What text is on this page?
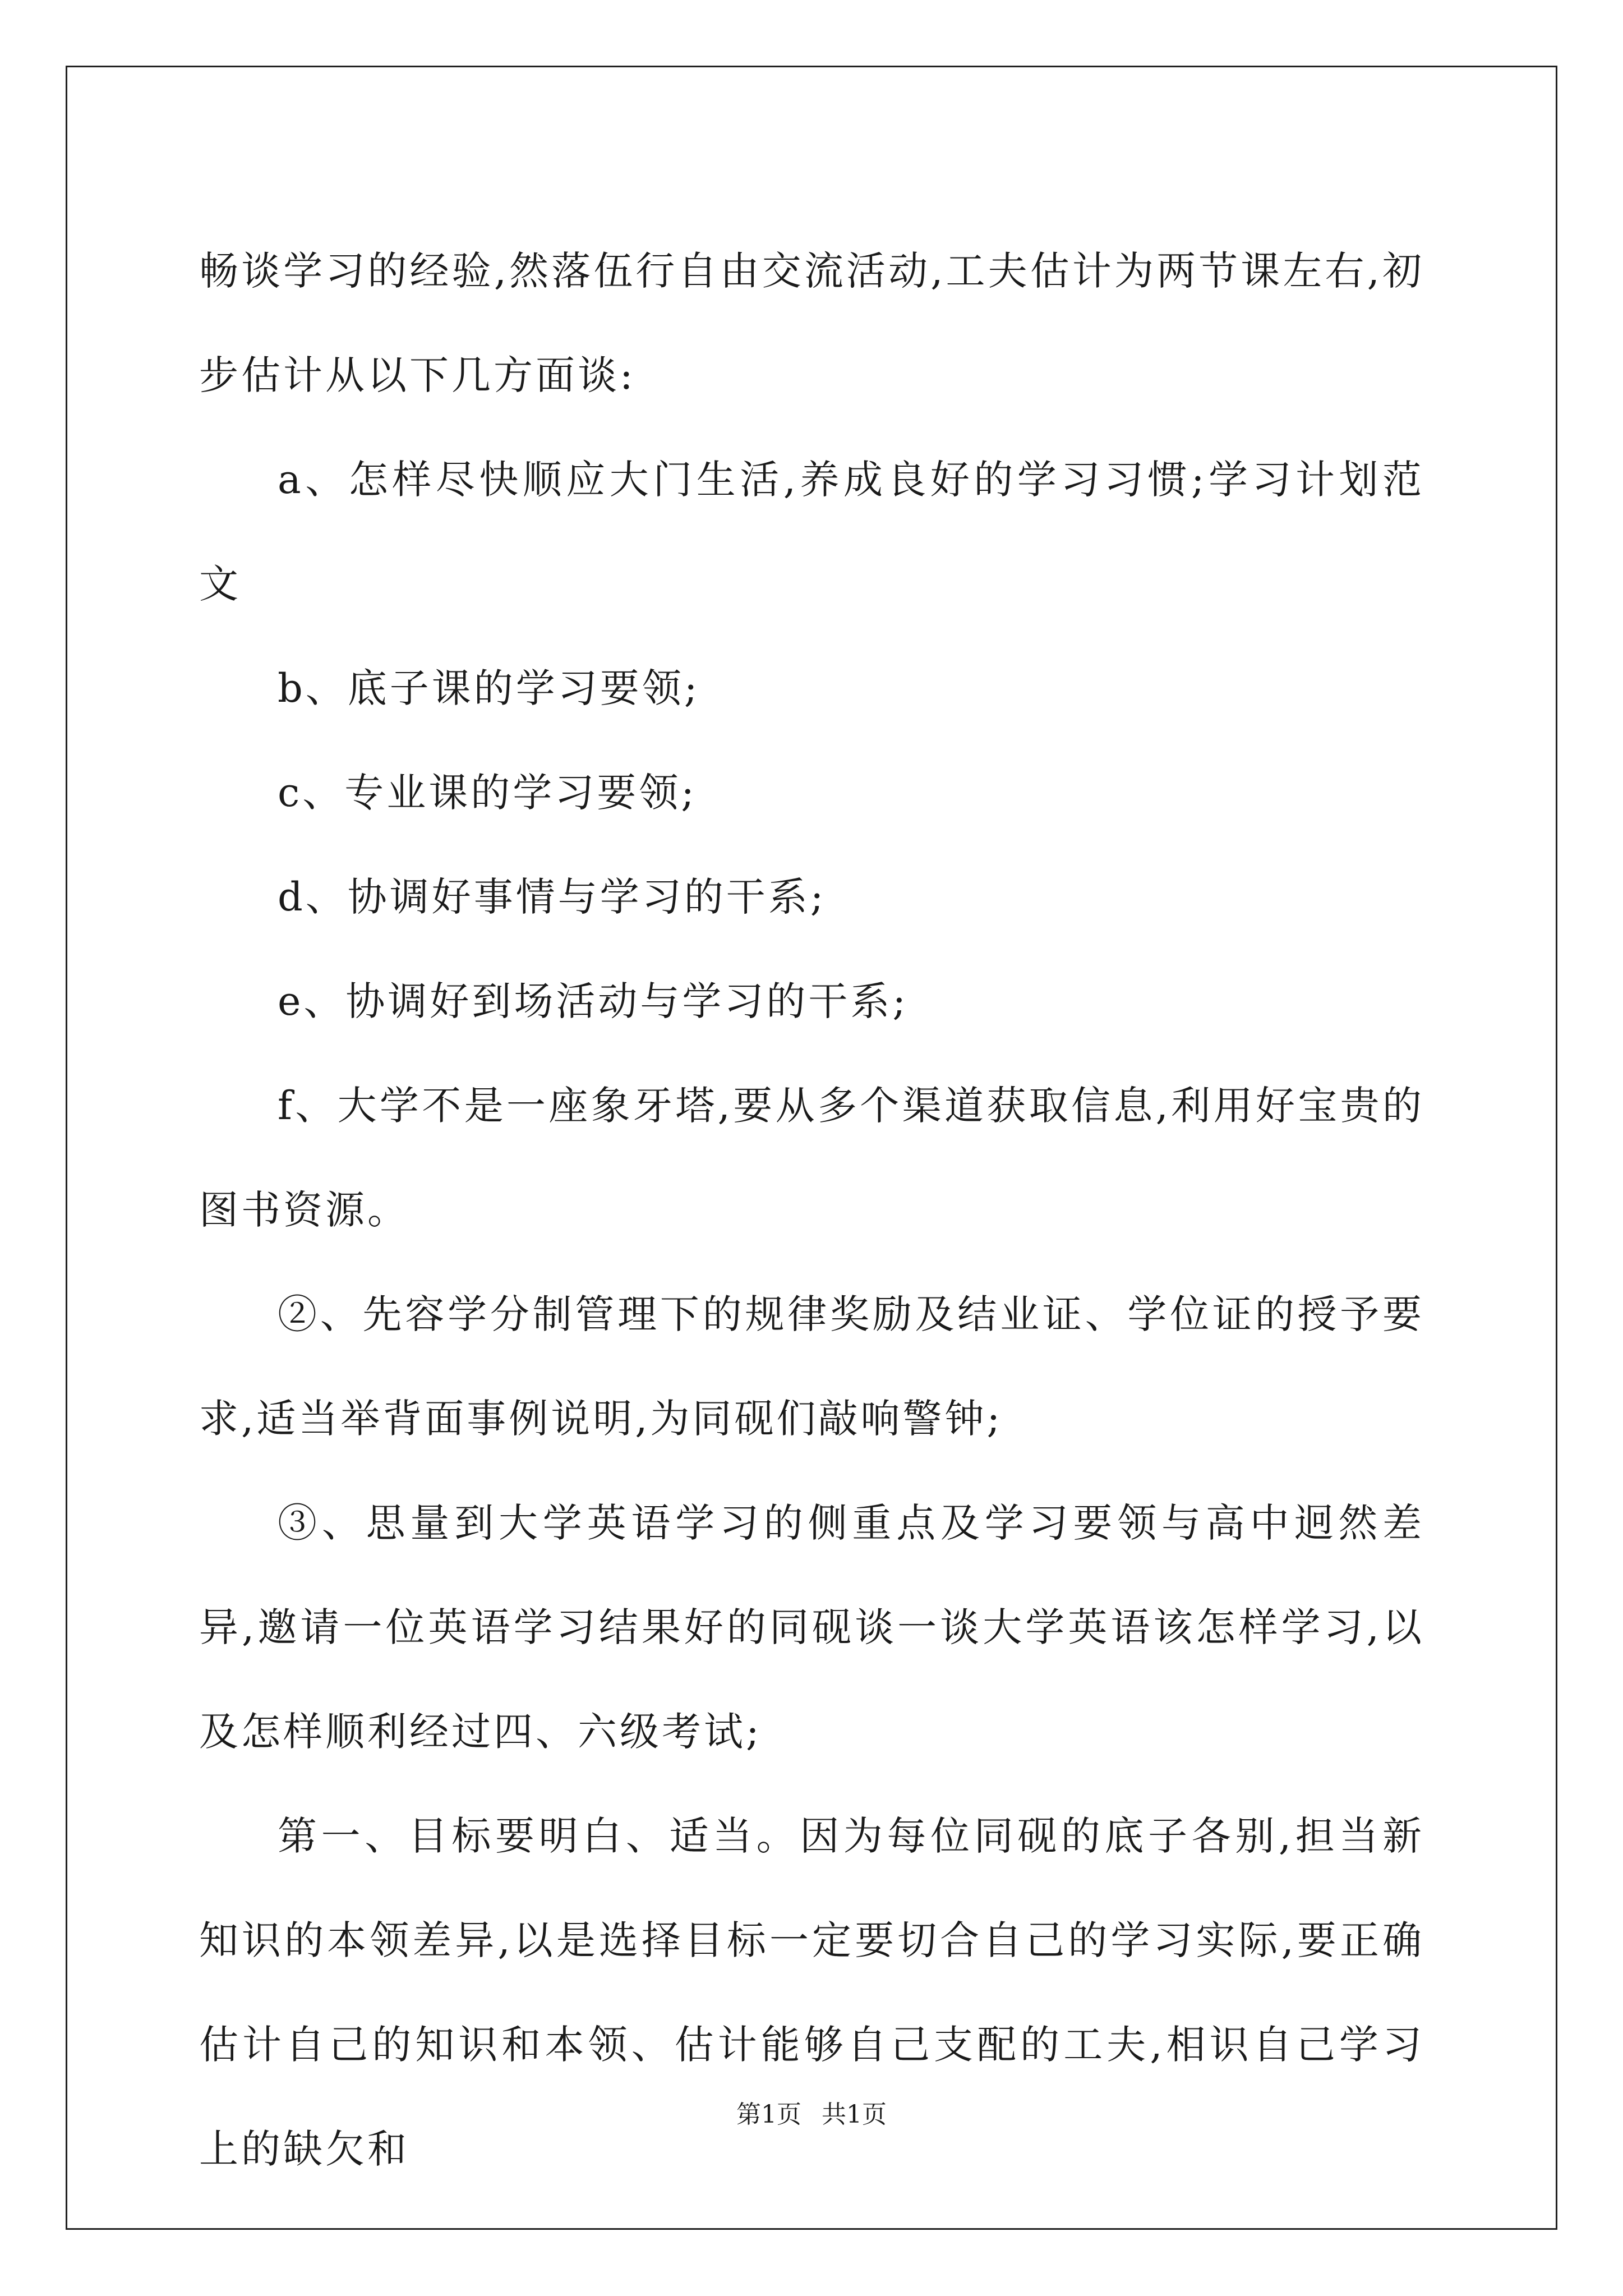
畅谈学习的经验,然落伍行自由交流活动,工夫估计为两节课左右,初步估计从以下几方面谈:

a、怎样尽快顺应大门生活,养成良好的学习习惯;学习计划范文

b、底子课的学习要领;

c、专业课的学习要领;

d、协调好事情与学习的干系;

e、协调好到场活动与学习的干系;

f、大学不是一座象牙塔,要从多个渠道获取信息,利用好宝贵的图书资源。

②、先容学分制管理下的规律奖励及结业证、学位证的授予要求,适当举背面事例说明,为同砚们敲响警钟;

③、思量到大学英语学习的侧重点及学习要领与高中迥然差异,邀请一位英语学习结果好的同砚谈一谈大学英语该怎样学习,以及怎样顺利经过四、六级考试;

第一、目标要明白、适当。因为每位同砚的底子各别,担当新知识的本领差异,以是选择目标一定要切合自己的学习实际,要正确估计自己的知识和本领、估计能够自己支配的工夫,相识自己学习上的缺欠和

第1页 共1页
